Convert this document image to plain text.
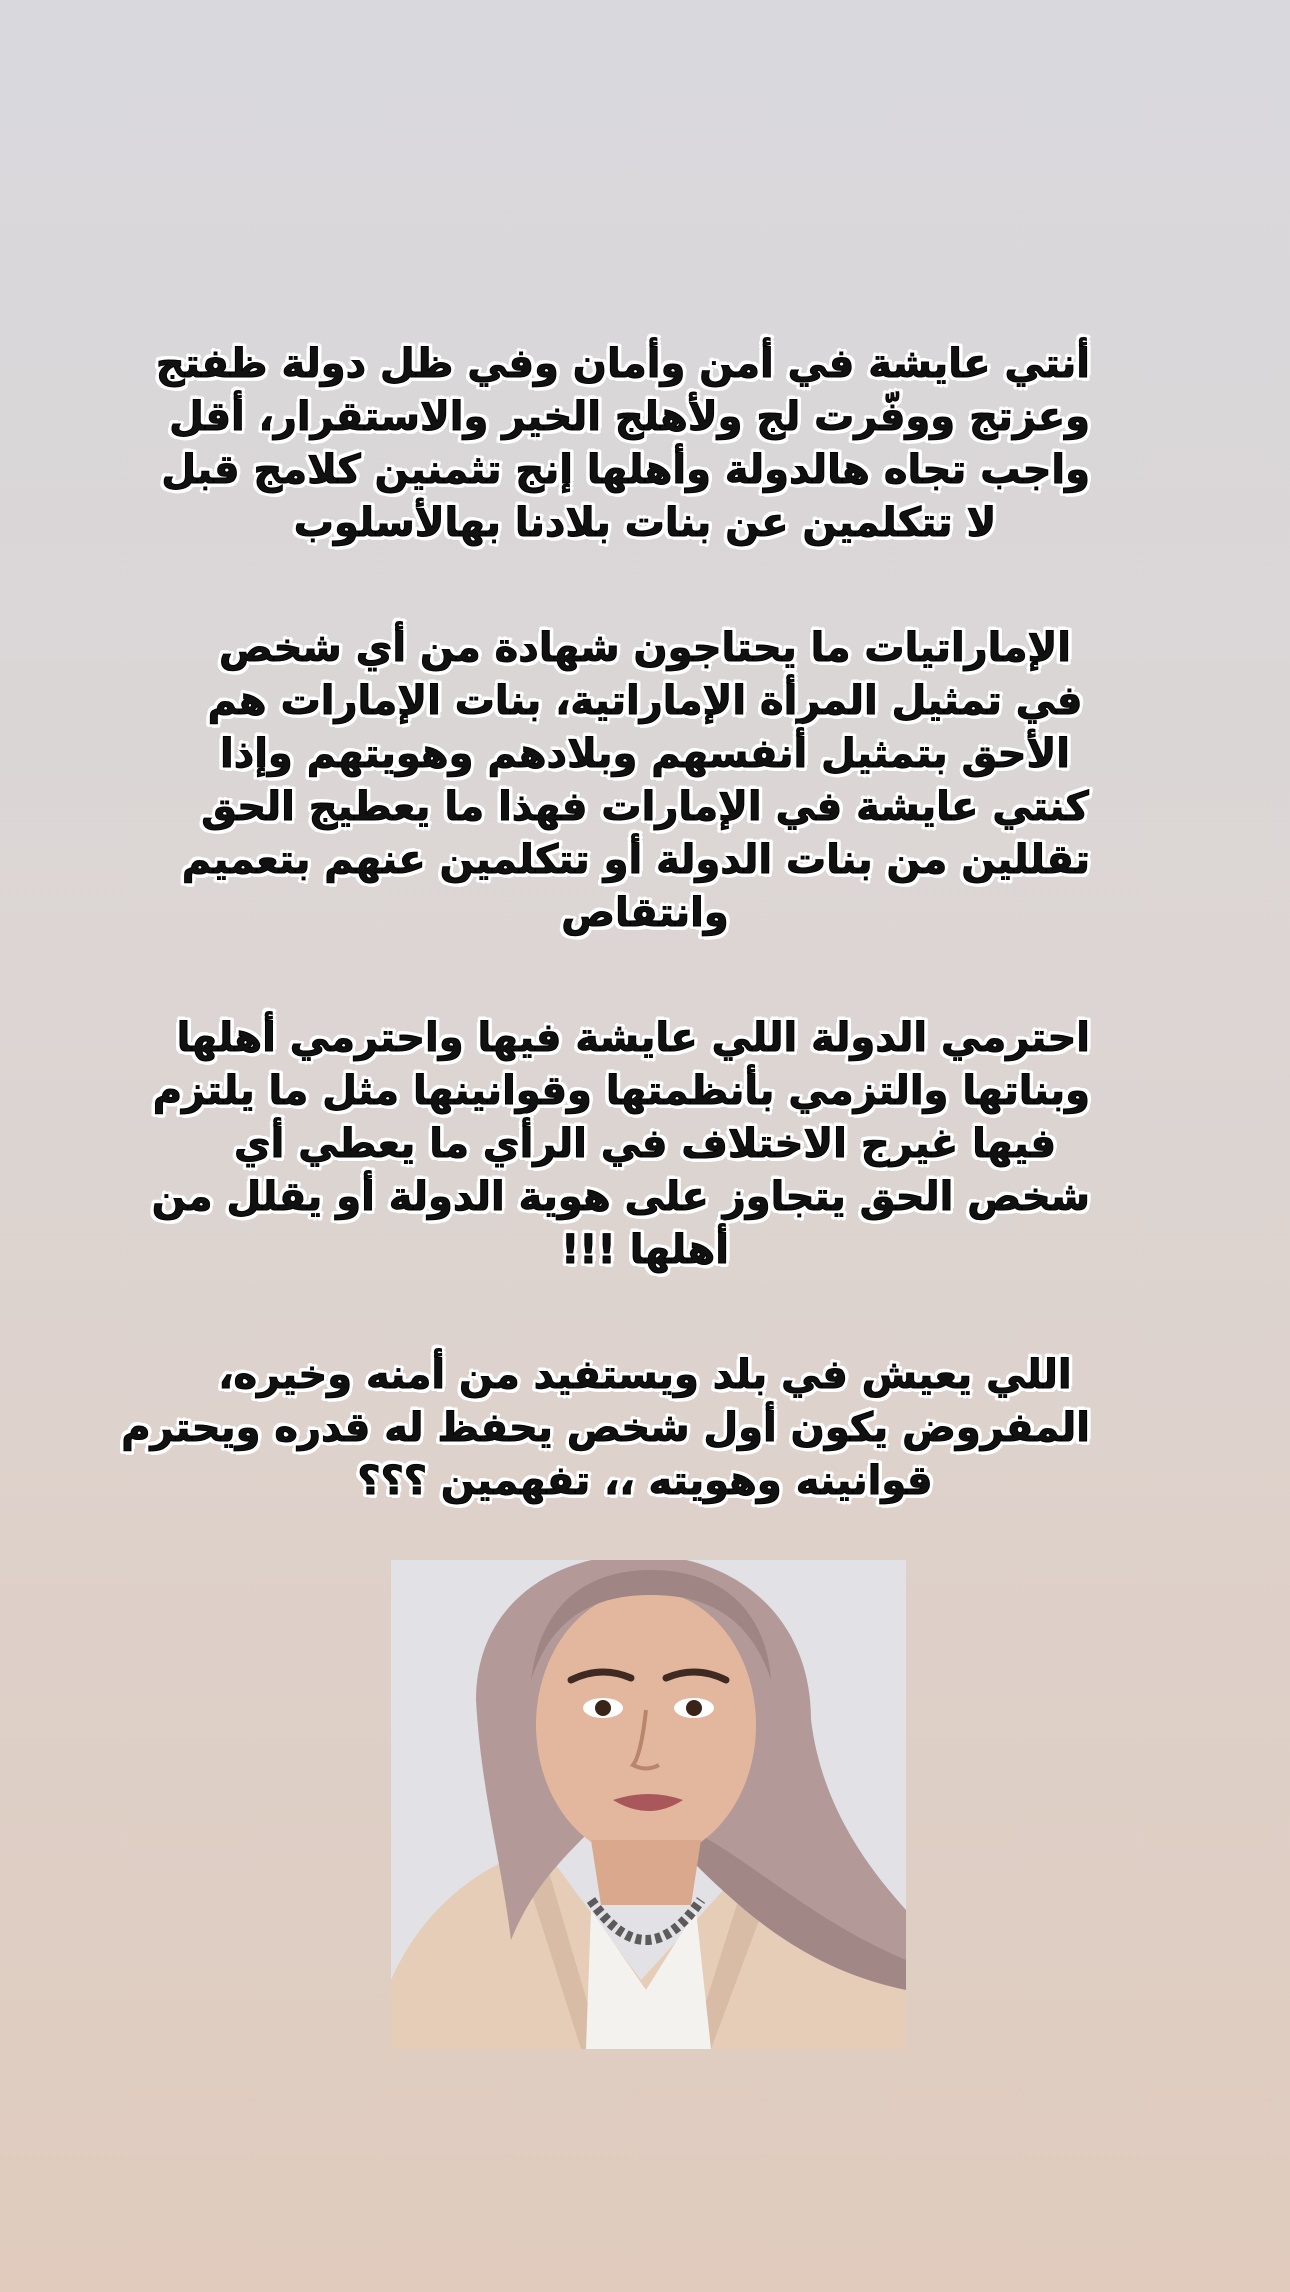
أنتي عايشة في أمن وأمان وفي ظل دولة ظفتج
وعزتج ووفّرت لج ولأهلج الخير والاستقرار، أقل
واجب تجاه هالدولة وأهلها إنج تثمنين كلامج قبل
لا تتكلمين عن بنات بلادنا بهالأسلوب

الإماراتيات ما يحتاجون شهادة من أي شخص
في تمثيل المرأة الإماراتية، بنات الإمارات هم
الأحق بتمثيل أنفسهم وبلادهم وهويتهم وإذا
كنتي عايشة في الإمارات فهذا ما يعطيج الحق
تقللين من بنات الدولة أو تتكلمين عنهم بتعميم
وانتقاص

احترمي الدولة اللي عايشة فيها واحترمي أهلها
وبناتها والتزمي بأنظمتها وقوانينها مثل ما يلتزم
فيها غيرج الاختلاف في الرأي ما يعطي أي
شخص الحق يتجاوز على هوية الدولة أو يقلل من
أهلها !!!

اللي يعيش في بلد ويستفيد من أمنه وخيره،
المفروض يكون أول شخص يحفظ له قدره ويحترم
قوانينه وهويته ،، تفهمين ؟؟؟
